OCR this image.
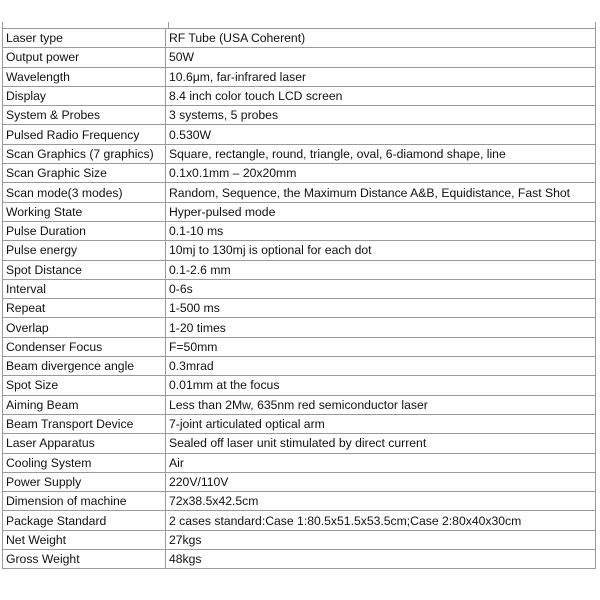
Laser type	RF Tube (USA Coherent)
Output power	50W
Wavelength	10.6μm, far-infrared laser
Display	8.4 inch color touch LCD screen
System & Probes	3 systems, 5 probes
Pulsed Radio Frequency	0.530W
Scan Graphics (7 graphics)	Square, rectangle, round, triangle, oval, 6-diamond shape, line
Scan Graphic Size	0.1x0.1mm – 20x20mm
Scan mode(3 modes)	Random, Sequence, the Maximum Distance A&B, Equidistance, Fast Shot
Working State	Hyper-pulsed mode
Pulse Duration	0.1-10 ms
Pulse energy	10mj to 130mj is optional for each dot
Spot Distance	0.1-2.6 mm
Interval	0-6s
Repeat	1-500 ms
Overlap	1-20 times
Condenser Focus	F=50mm
Beam divergence angle	0.3mrad
Spot Size	0.01mm at the focus
Aiming Beam	Less than 2Mw, 635nm red semiconductor laser
Beam Transport Device	7-joint articulated optical arm
Laser Apparatus	Sealed off laser unit stimulated by direct current
Cooling System	Air
Power Supply	220V/110V
Dimension of machine	72x38.5x42.5cm
Package Standard	2 cases standard:Case 1:80.5x51.5x53.5cm;Case 2:80x40x30cm
Net Weight	27kgs
Gross Weight	48kgs
